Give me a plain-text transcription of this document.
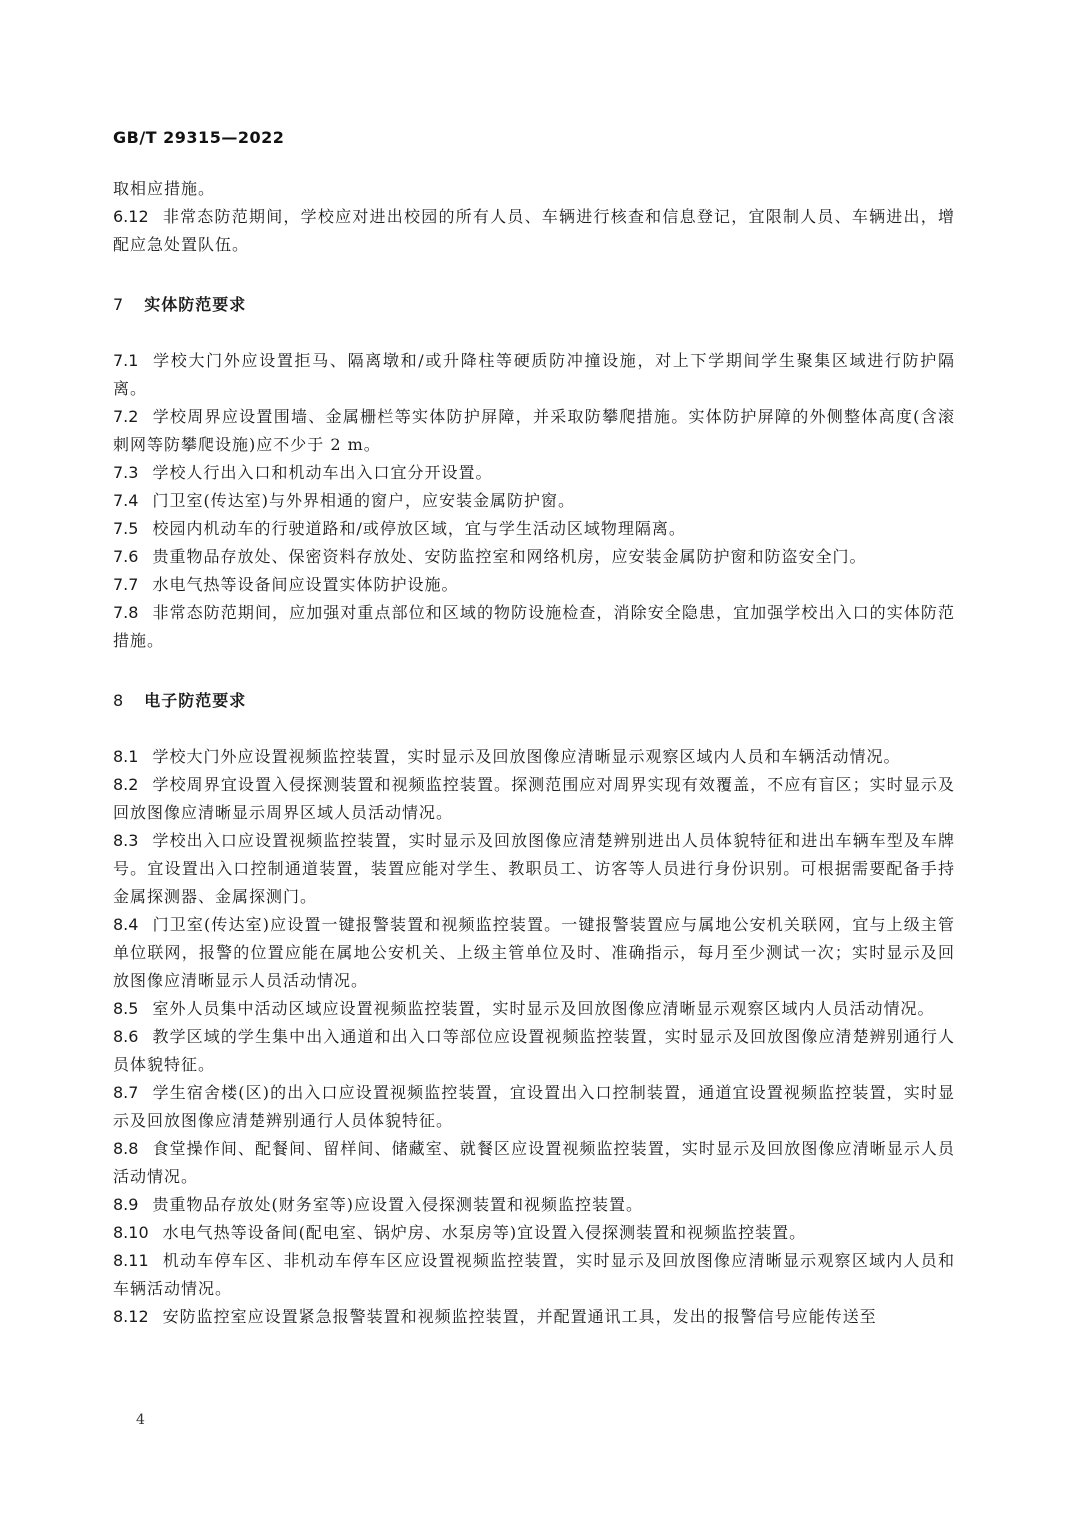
GB/T 29315—2022

取相应措施。

6.12 非常态防范期间，学校应对进出校园的所有人员、车辆进行核查和信息登记，宜限制人员、车辆进出，增配应急处置队伍。

7 实体防范要求

7.1 学校大门外应设置拒马、隔离墩和/或升降柱等硬质防冲撞设施，对上下学期间学生聚集区域进行防护隔离。

7.2 学校周界应设置围墙、金属栅栏等实体防护屏障，并采取防攀爬措施。实体防护屏障的外侧整体高度(含滚刺网等防攀爬设施)应不少于 2 m。

7.3 学校人行出入口和机动车出入口宜分开设置。

7.4 门卫室(传达室)与外界相通的窗户，应安装金属防护窗。

7.5 校园内机动车的行驶道路和/或停放区域，宜与学生活动区域物理隔离。

7.6 贵重物品存放处、保密资料存放处、安防监控室和网络机房，应安装金属防护窗和防盗安全门。

7.7 水电气热等设备间应设置实体防护设施。

7.8 非常态防范期间，应加强对重点部位和区域的物防设施检查，消除安全隐患，宜加强学校出入口的实体防范措施。

8 电子防范要求

8.1 学校大门外应设置视频监控装置，实时显示及回放图像应清晰显示观察区域内人员和车辆活动情况。

8.2 学校周界宜设置入侵探测装置和视频监控装置。探测范围应对周界实现有效覆盖，不应有盲区；实时显示及回放图像应清晰显示周界区域人员活动情况。

8.3 学校出入口应设置视频监控装置，实时显示及回放图像应清楚辨别进出人员体貌特征和进出车辆车型及车牌号。宜设置出入口控制通道装置，装置应能对学生、教职员工、访客等人员进行身份识别。可根据需要配备手持金属探测器、金属探测门。

8.4 门卫室(传达室)应设置一键报警装置和视频监控装置。一键报警装置应与属地公安机关联网，宜与上级主管单位联网，报警的位置应能在属地公安机关、上级主管单位及时、准确指示，每月至少测试一次；实时显示及回放图像应清晰显示人员活动情况。

8.5 室外人员集中活动区域应设置视频监控装置，实时显示及回放图像应清晰显示观察区域内人员活动情况。

8.6 教学区域的学生集中出入通道和出入口等部位应设置视频监控装置，实时显示及回放图像应清楚辨别通行人员体貌特征。

8.7 学生宿舍楼(区)的出入口应设置视频监控装置，宜设置出入口控制装置，通道宜设置视频监控装置，实时显示及回放图像应清楚辨别通行人员体貌特征。

8.8 食堂操作间、配餐间、留样间、储藏室、就餐区应设置视频监控装置，实时显示及回放图像应清晰显示人员活动情况。

8.9 贵重物品存放处(财务室等)应设置入侵探测装置和视频监控装置。

8.10 水电气热等设备间(配电室、锅炉房、水泵房等)宜设置入侵探测装置和视频监控装置。

8.11 机动车停车区、非机动车停车区应设置视频监控装置，实时显示及回放图像应清晰显示观察区域内人员和车辆活动情况。

8.12 安防监控室应设置紧急报警装置和视频监控装置，并配置通讯工具，发出的报警信号应能传送至

4
